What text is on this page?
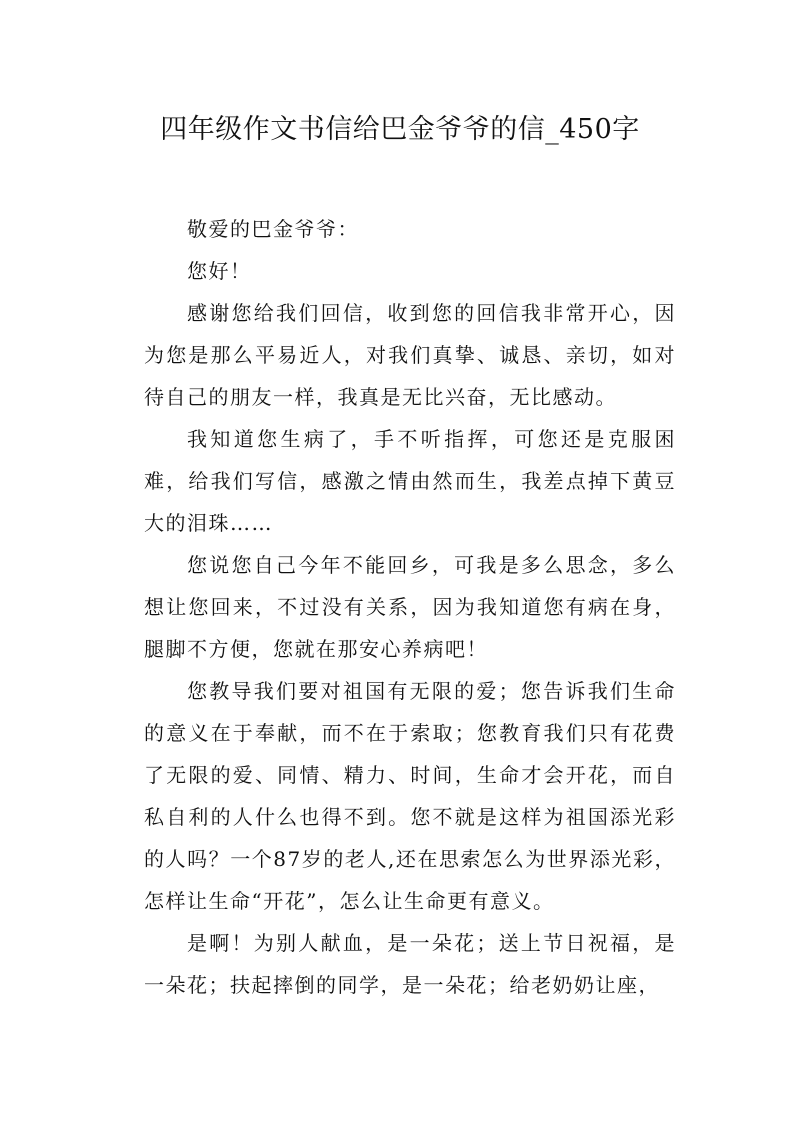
四年级作文书信给巴金爷爷的信_450字

敬爱的巴金爷爷：

您好！

感谢您给我们回信，收到您的回信我非常开心，因为您是那么平易近人，对我们真挚、诚恳、亲切，如对待自己的朋友一样，我真是无比兴奋，无比感动。

我知道您生病了，手不听指挥，可您还是克服困难，给我们写信，感激之情由然而生，我差点掉下黄豆大的泪珠……

您说您自己今年不能回乡，可我是多么思念，多么想让您回来，不过没有关系，因为我知道您有病在身，腿脚不方便，您就在那安心养病吧！

您教导我们要对祖国有无限的爱；您告诉我们生命的意义在于奉献，而不在于索取；您教育我们只有花费了无限的爱、同情、精力、时间，生命才会开花，而自私自利的人什么也得不到。您不就是这样为祖国添光彩的人吗？一个87岁的老人,还在思索怎么为世界添光彩，怎样让生命“开花”，怎么让生命更有意义。

是啊！为别人献血，是一朵花；送上节日祝福，是一朵花；扶起摔倒的同学，是一朵花；给老奶奶让座，
